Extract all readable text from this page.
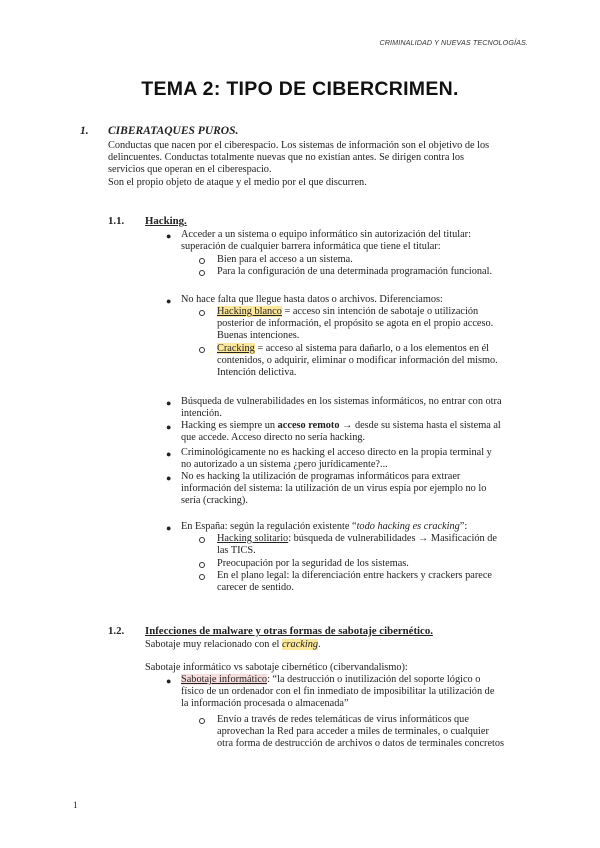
CRIMINALIDAD Y NUEVAS TECNOLOGÍAS.
TEMA 2: TIPO DE CIBERCRIMEN.
1. CIBERATAQUES PUROS.
Conductas que nacen por el ciberespacio. Los sistemas de información son el objetivo de los
delincuentes. Conductas totalmente nuevas que no existían antes. Se dirigen contra los
servicios que operan en el ciberespacio.
Son el propio objeto de ataque y el medio por el que discurren.
1.1. Hacking.
● Acceder a un sistema o equipo informático sin autorización del titular:
superación de cualquier barrera informática que tiene el titular:
Bien para el acceso a un sistema.
Para la configuración de una determinada programación funcional.
● No hace falta que llegue hasta datos o archivos. Diferenciamos:
Hacking blanco = acceso sin intención de sabotaje o utilización
posterior de información, el propósito se agota en el propio acceso.
Buenas intenciones.
Cracking = acceso al sistema para dañarlo, o a los elementos en él
contenidos, o adquirir, eliminar o modificar información del mismo.
Intención delictiva.
● Búsqueda de vulnerabilidades en los sistemas informáticos, no entrar con otra
intención.
● Hacking es siempre un acceso remoto → desde su sistema hasta el sistema al
que accede. Acceso directo no sería hacking.
● Criminológicamente no es hacking el acceso directo en la propia terminal y
no autorizado a un sistema ¿pero jurídicamente?...
● No es hacking la utilización de programas informáticos para extraer
información del sistema: la utilización de un virus espía por ejemplo no lo
sería (cracking).
● En España: según la regulación existente “todo hacking es cracking”:
Hacking solitario: búsqueda de vulnerabilidades → Masificación de
las TICS.
Preocupación por la seguridad de los sistemas.
En el plano legal: la diferenciación entre hackers y crackers parece
carecer de sentido.
1.2. Infecciones de malware y otras formas de sabotaje cibernético.
Sabotaje muy relacionado con el cracking.
Sabotaje informático vs sabotaje cibernético (cibervandalismo):
● Sabotaje informático: “la destrucción o inutilización del soporte lógico o
físico de un ordenador con el fin inmediato de imposibilitar la utilización de
la información procesada o almacenada”
Envío a través de redes telemáticas de virus informáticos que
aprovechan la Red para acceder a miles de terminales, o cualquier
otra forma de destrucción de archivos o datos de terminales concretos
1
